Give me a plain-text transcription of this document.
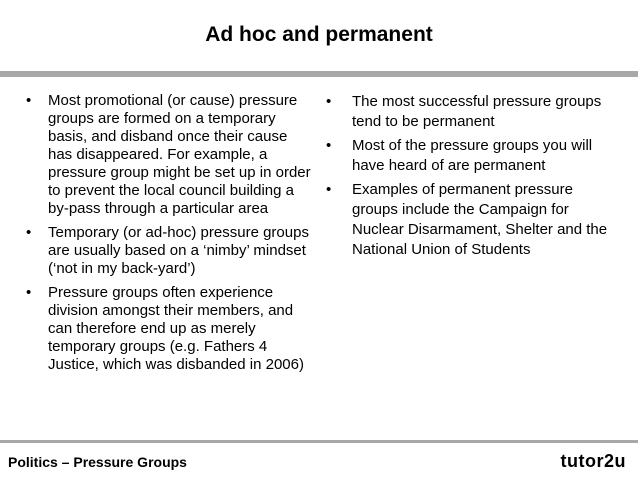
Ad hoc and permanent
• Most promotional (or cause) pressure groups are formed on a temporary basis, and disband once their cause has disappeared. For example, a pressure group might be set up in order to prevent the local council building a by-pass through a particular area
• Temporary (or ad-hoc) pressure groups are usually based on a ‘nimby’ mindset (‘not in my back-yard’)
• Pressure groups often experience division amongst their members, and can therefore end up as merely temporary groups (e.g. Fathers 4 Justice, which was disbanded in 2006)
• The most successful pressure groups tend to be permanent
• Most of the pressure groups you will have heard of are permanent
• Examples of permanent pressure groups include the Campaign for Nuclear Disarmament, Shelter and the National Union of Students
Politics – Pressure Groups	tutor2u
